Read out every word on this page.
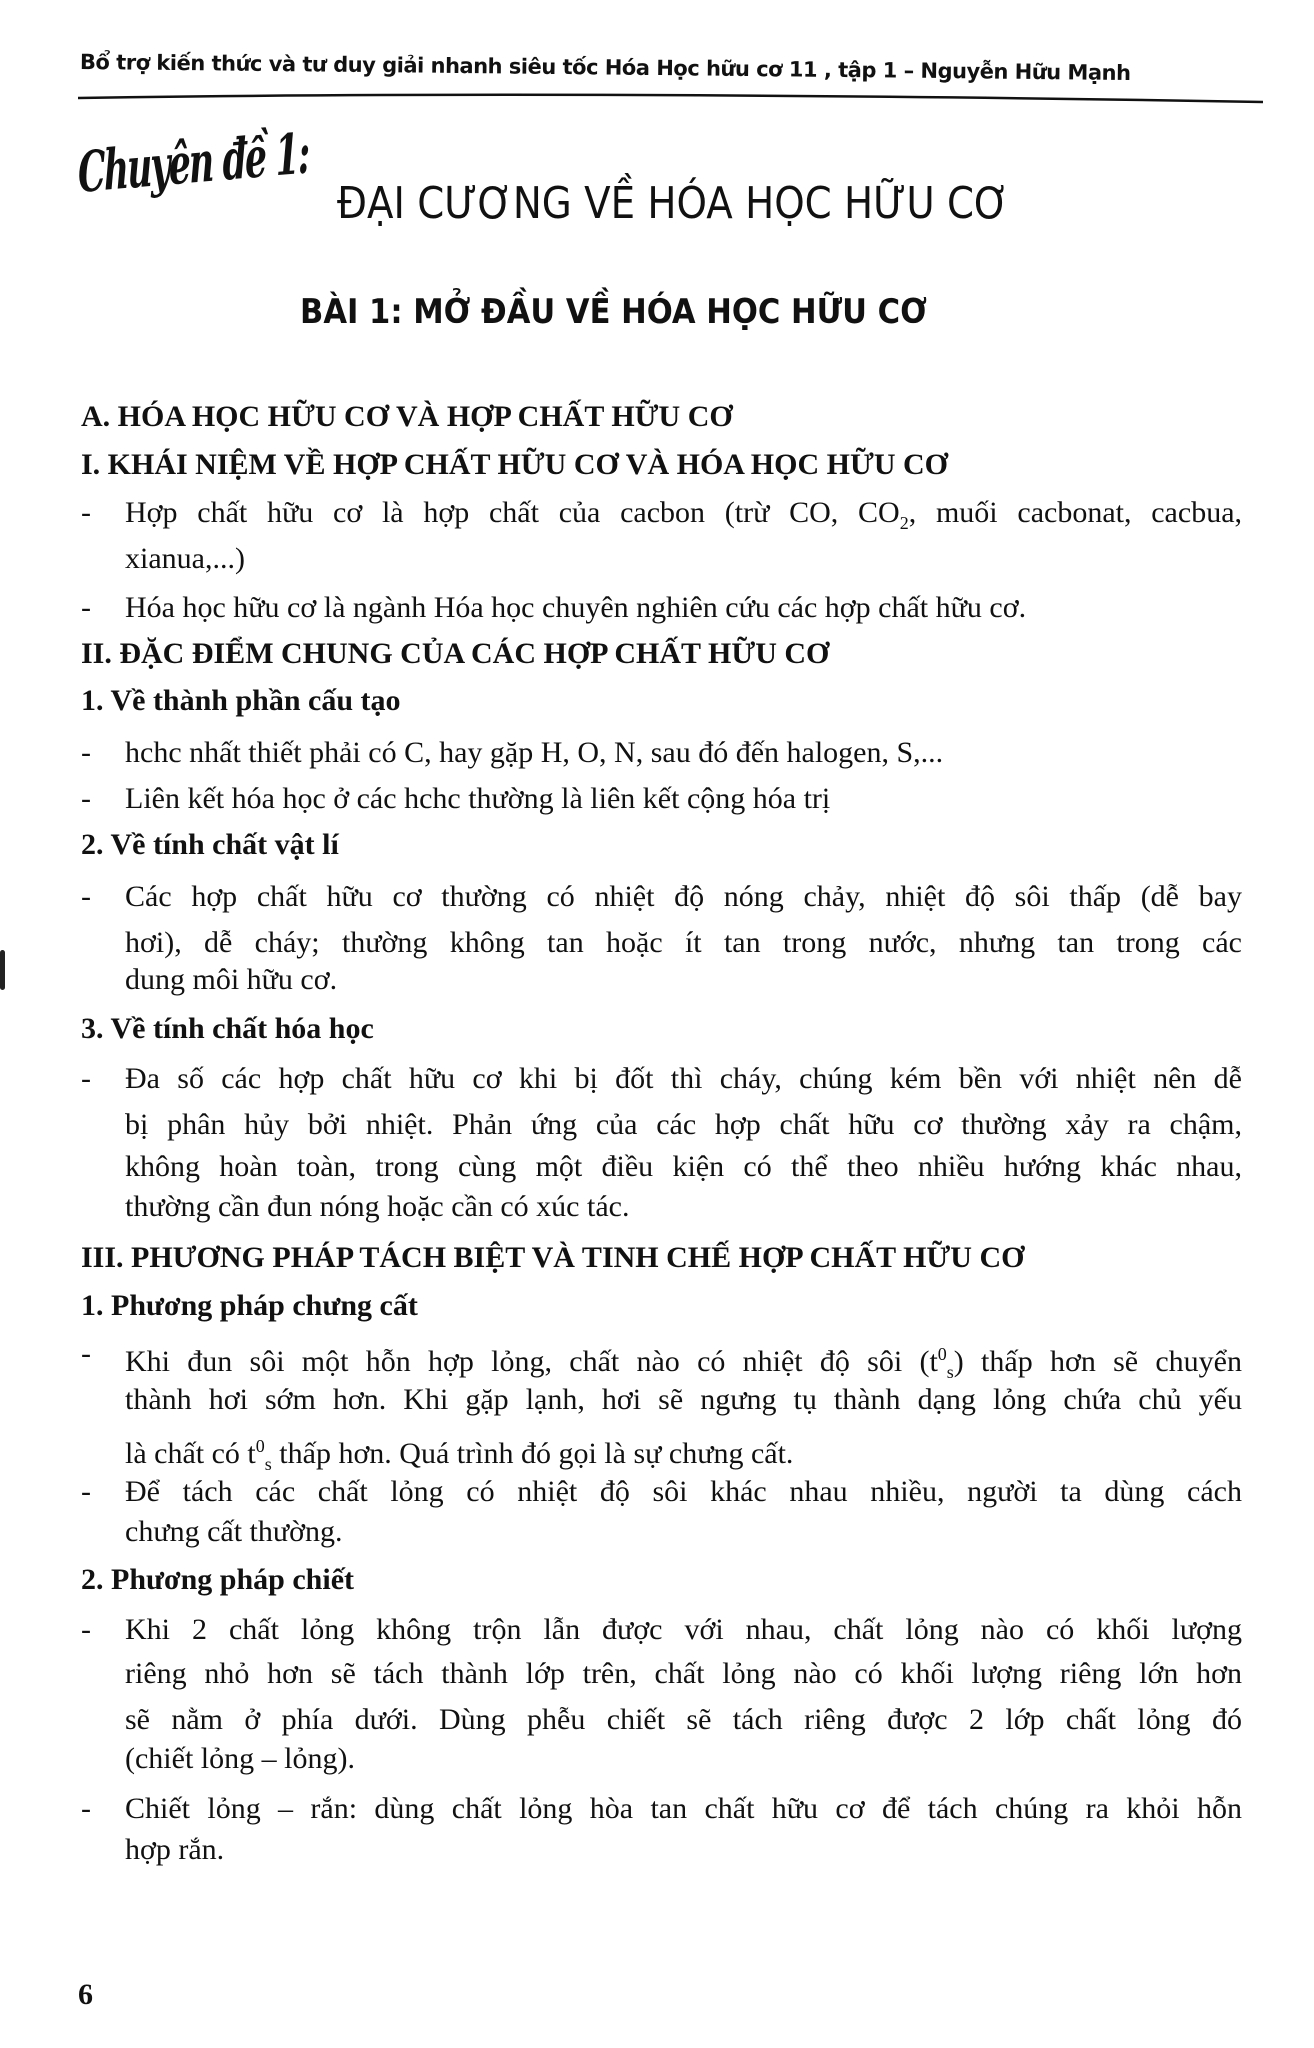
Bổ trợ kiến thức và tư duy giải nhanh siêu tốc Hóa Học hữu cơ 11 , tập 1 – Nguyễn Hữu Mạnh
Chuyên đề 1: ĐẠI CƯƠNG VỀ HÓA HỌC HỮU CƠ
BÀI 1: MỞ ĐẦU VỀ HÓA HỌC HỮU CƠ
A. HÓA HỌC HỮU CƠ VÀ HỢP CHẤT HỮU CƠ
I. KHÁI NIỆM VỀ HỢP CHẤT HỮU CƠ VÀ HÓA HỌC HỮU CƠ
- Hợp chất hữu cơ là hợp chất của cacbon (trừ CO, $CO_2$, muối cacbonat, cacbua,
xianua,...)
- Hóa học hữu cơ là ngành Hóa học chuyên nghiên cứu các hợp chất hữu cơ.
II. ĐẶC ĐIỂM CHUNG CỦA CÁC HỢP CHẤT HỮU CƠ
1. Về thành phần cấu tạo
- hchc nhất thiết phải có C, hay gặp H, O, N, sau đó đến halogen, S,...
- Liên kết hóa học ở các hchc thường là liên kết cộng hóa trị
2. Về tính chất vật lí
- Các hợp chất hữu cơ thường có nhiệt độ nóng chảy, nhiệt độ sôi thấp (dễ bay
hơi), dễ cháy; thường không tan hoặc ít tan trong nước, nhưng tan trong các
dung môi hữu cơ.
3. Về tính chất hóa học
- Đa số các hợp chất hữu cơ khi bị đốt thì cháy, chúng kém bền với nhiệt nên dễ
bị phân hủy bởi nhiệt. Phản ứng của các hợp chất hữu cơ thường xảy ra chậm,
không hoàn toàn, trong cùng một điều kiện có thể theo nhiều hướng khác nhau,
thường cần đun nóng hoặc cần có xúc tác.
III. PHƯƠNG PHÁP TÁCH BIỆT VÀ TINH CHẾ HỢP CHẤT HỮU CƠ
1. Phương pháp chưng cất
- Khi đun sôi một hỗn hợp lỏng, chất nào có nhiệt độ sôi $(t^0_s)$ thấp hơn sẽ chuyển
thành hơi sớm hơn. Khi gặp lạnh, hơi sẽ ngưng tụ thành dạng lỏng chứa chủ yếu
là chất có $t^0_s$ thấp hơn. Quá trình đó gọi là sự chưng cất.
- Để tách các chất lỏng có nhiệt độ sôi khác nhau nhiều, người ta dùng cách
chưng cất thường.
2. Phương pháp chiết
- Khi 2 chất lỏng không trộn lẫn được với nhau, chất lỏng nào có khối lượng
riêng nhỏ hơn sẽ tách thành lớp trên, chất lỏng nào có khối lượng riêng lớn hơn
sẽ nằm ở phía dưới. Dùng phễu chiết sẽ tách riêng được 2 lớp chất lỏng đó
(chiết lỏng – lỏng).
- Chiết lỏng – rắn: dùng chất lỏng hòa tan chất hữu cơ để tách chúng ra khỏi hỗn
hợp rắn.
6
